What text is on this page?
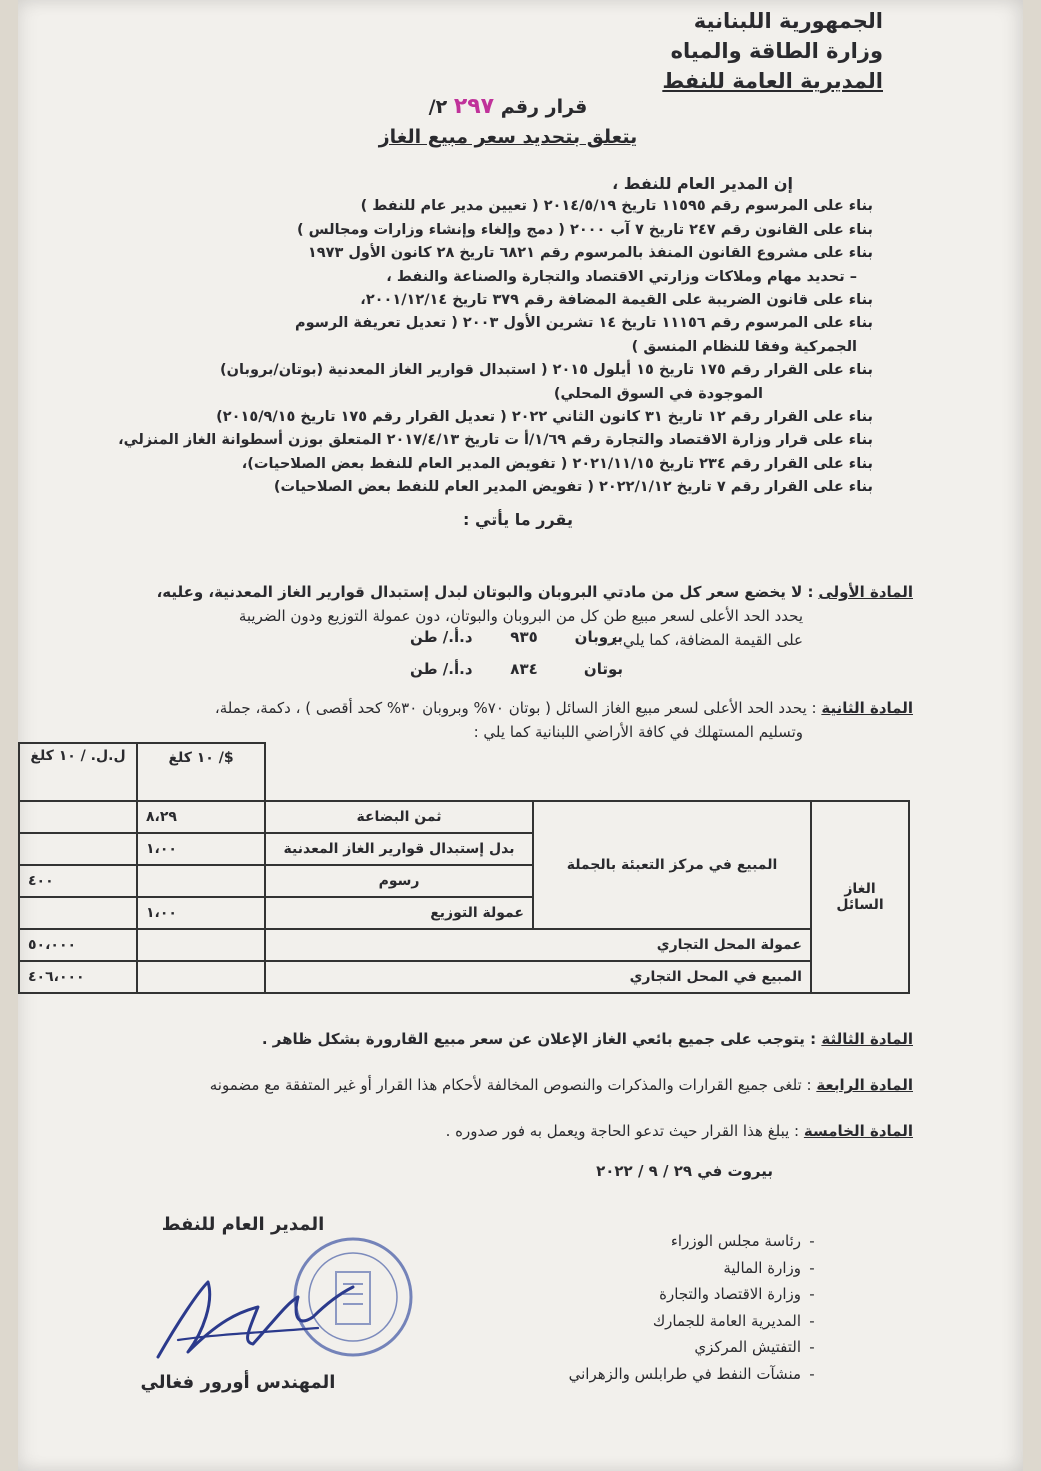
الجمهورية اللبنانية
وزارة الطاقة والمياه
المديرية العامة للنفط
قرار رقم ٢٩٧ ٢/
يتعلق بتحديد سعر مبيع الغاز
إن المدير العام للنفط ،
بناء على المرسوم رقم ١١٥٩٥ تاريخ ٢٠١٤/٥/١٩ ( تعيين مدير عام للنفط )
بناء على القانون رقم ٢٤٧ تاريخ ٧ آب ٢٠٠٠ ( دمج وإلغاء وإنشاء وزارات ومجالس )
بناء على مشروع القانون المنفذ بالمرسوم رقم ٦٨٢١ تاريخ ٢٨ كانون الأول ١٩٧٣
– تحديد مهام وملاكات وزارتي الاقتصاد والتجارة والصناعة والنفط ،
بناء على قانون الضريبة على القيمة المضافة رقم ٣٧٩ تاريخ ٢٠٠١/١٢/١٤،
بناء على المرسوم رقم ١١١٥٦ تاريخ ١٤ تشرين الأول ٢٠٠٣ ( تعديل تعريفة الرسوم
الجمركية وفقا للنظام المنسق )
بناء على القرار رقم ١٧٥ تاريخ ١٥ أيلول ٢٠١٥ ( استبدال قوارير الغاز المعدنية (بوتان/بروبان)
الموجودة في السوق المحلي)
بناء على القرار رقم ١٢ تاريخ ٣١ كانون الثاني ٢٠٢٢ ( تعديل القرار رقم ١٧٥ تاريخ ٢٠١٥/٩/١٥)
بناء على قرار وزارة الاقتصاد والتجارة رقم ١/٦٩/أ ت تاريخ ٢٠١٧/٤/١٣ المتعلق بوزن أسطوانة الغاز المنزلي،
بناء على القرار رقم ٢٣٤ تاريخ ٢٠٢١/١١/١٥ ( تفويض المدير العام للنفط بعض الصلاحيات)،
بناء على القرار رقم ٧ تاريخ ٢٠٢٢/١/١٢ ( تفويض المدير العام للنفط بعض الصلاحيات)
يقرر ما يأتي :
المادة الأولى : لا يخضع سعر كل من مادتي البروبان والبوتان لبدل إستبدال قوارير الغاز المعدنية، وعليه،
يحدد الحد الأعلى لسعر مبيع طن كل من البروبان والبوتان، دون عمولة التوزيع ودون الضريبة
على القيمة المضافة، كما يلي :
بروبان ٩٣٥ د.أ./ طن
بوتان ٨٣٤ د.أ./ طن
المادة الثانية : يحدد الحد الأعلى لسعر مبيع الغاز السائل ( بوتان ٧٠% وبروبان ٣٠% كحد أقصى ) ، دكمة، جملة،
وتسليم المستهلك في كافة الأراضي اللبنانية كما يلي :
			$/ ١٠ كلغ	ل.ل. / ١٠ كلغ
الغاز السائل	المبيع في مركز التعبئة بالجملة	ثمن البضاعة	٨،٢٩	
		بدل إستبدال قوارير الغاز المعدنية	١،٠٠	
		رسوم		٤٠٠
		عمولة التوزيع	١،٠٠	
	عمولة المحل التجاري			٥٠،٠٠٠
	المبيع في المحل التجاري			٤٠٦،٠٠٠
المادة الثالثة : يتوجب على جميع بائعي الغاز الإعلان عن سعر مبيع القارورة بشكل ظاهر .
المادة الرابعة : تلغى جميع القرارات والمذكرات والنصوص المخالفة لأحكام هذا القرار أو غير المتفقة مع مضمونه
المادة الخامسة : يبلغ هذا القرار حيث تدعو الحاجة ويعمل به فور صدوره .
بيروت في ٢٩ / ٩ / ٢٠٢٢
المدير العام للنفط
المهندس أورور فغالي
-رئاسة مجلس الوزراء
-وزارة المالية
-وزارة الاقتصاد والتجارة
-المديرية العامة للجمارك
-التفتيش المركزي
-منشآت النفط في طرابلس والزهراني
